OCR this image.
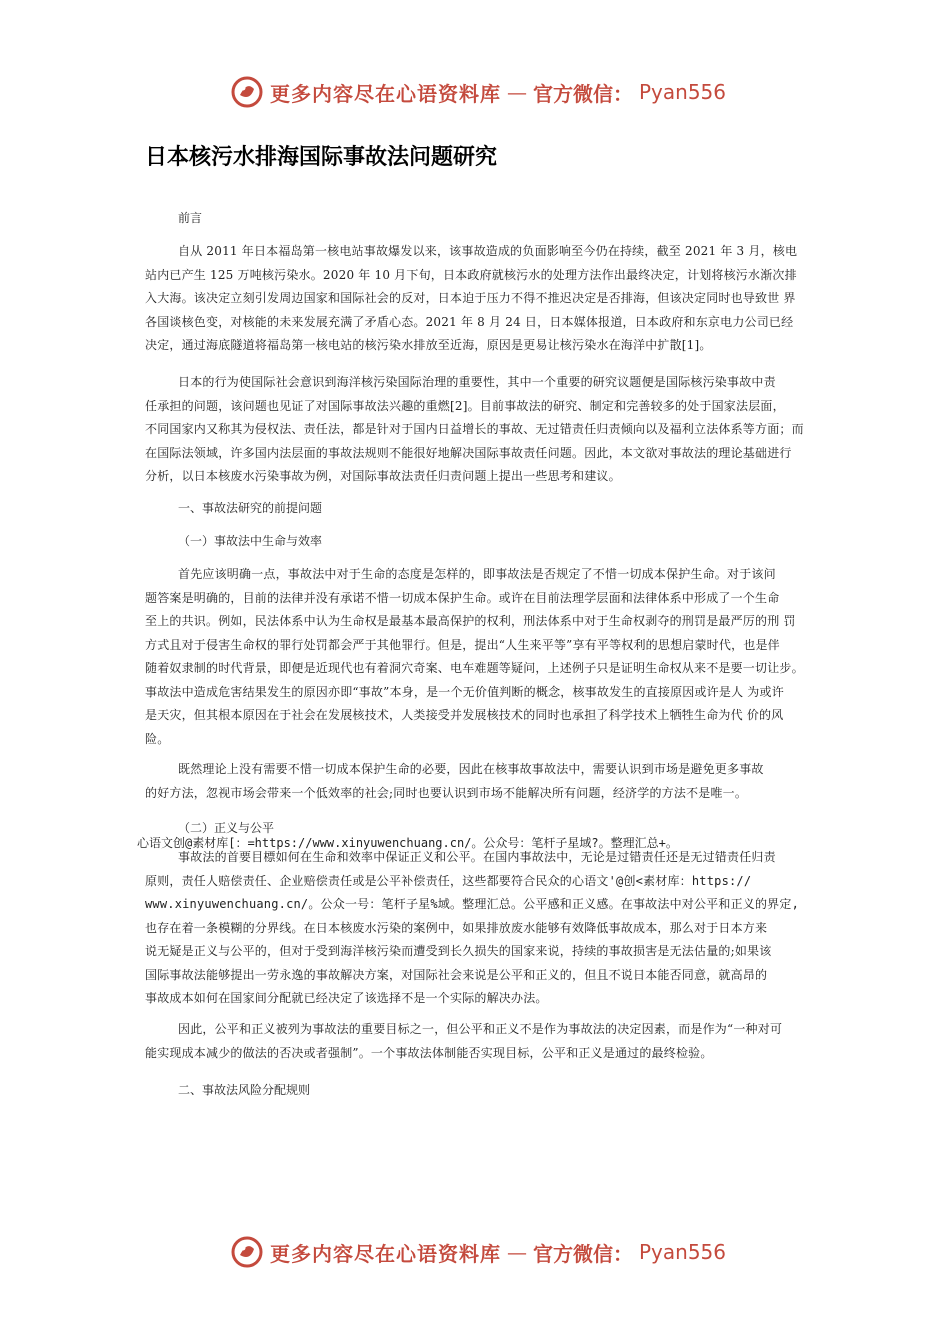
更多内容尽在心语资料库 — 官方微信： Pyan556
日本核污水排海国际事故法问题研究
前言
自从 2011 年日本福岛第一核电站事故爆发以来，该事故造成的负面影响至今仍在持续，截至 2021 年 3 月，核电
站内已产生 125 万吨核污染水。2020 年 10 月下旬，日本政府就核污水的处理方法作出最终决定，计划将核污水渐次排
入大海。该决定立刻引发周边国家和国际社会的反对，日本迫于压力不得不推迟决定是否排海，但该决定同时也导致世 界
各国谈核色变，对核能的未来发展充满了矛盾心态。2021 年 8 月 24 日，日本媒体报道，日本政府和东京电力公司已经
决定，通过海底隧道将福岛第一核电站的核污染水排放至近海，原因是更易让核污染水在海洋中扩散[1]。
日本的行为使国际社会意识到海洋核污染国际治理的重要性，其中一个重要的研究议题便是国际核污染事故中责
任承担的问题，该问题也见证了对国际事故法兴趣的重燃[2]。目前事故法的研究、制定和完善较多的处于国家法层面，
不同国家内又称其为侵权法、责任法，都是针对于国内日益增长的事故、无过错责任归责倾向以及福利立法体系等方面；而
在国际法领域，许多国内法层面的事故法规则不能很好地解决国际事故责任问题。因此，本文欲对事故法的理论基础进行
分析，以日本核废水污染事故为例，对国际事故法责任归责问题上提出一些思考和建议。
一、事故法研究的前提问题
（一）事故法中生命与效率
首先应该明确一点，事故法中对于生命的态度是怎样的，即事故法是否规定了不惜一切成本保护生命。对于该问
题答案是明确的，目前的法律并没有承诺不惜一切成本保护生命。或许在目前法理学层面和法律体系中形成了一个生命
至上的共识。例如，民法体系中认为生命权是最基本最高保护的权利，刑法体系中对于生命权剥夺的刑罚是最严厉的刑 罚
方式且对于侵害生命权的罪行处罚都会严于其他罪行。但是，提出“人生来平等”享有平等权利的思想启蒙时代，也是伴
随着奴隶制的时代背景，即便是近现代也有着洞穴奇案、电车难题等疑问，上述例子只是证明生命权从来不是要一切让步。
事故法中造成危害结果发生的原因亦即“事故”本身，是一个无价值判断的概念，核事故发生的直接原因或许是人 为或许
是天灾，但其根本原因在于社会在发展核技术，人类接受并发展核技术的同时也承担了科学技术上牺牲生命为代 价的风
险。
既然理论上没有需要不惜一切成本保护生命的必要，因此在核事故事故法中，需要认识到市场是避免更多事故
的好方法，忽视市场会带来一个低效率的社会;同时也要认识到市场不能解决所有问题，经济学的方法不是唯一。
（二）正义与公平
心语文创@素材库[：=https://www.xinyuwenchuang.cn/。公众号：笔杆子星域?。整理汇总+。
事故法的首要目標如何在生命和效率中保证正义和公平。在国内事故法中，无论是过错责任还是无过错责任归责
原则，责任人赔偿责任、企业赔偿责任或是公平补偿责任，这些都要符合民众的心语文'@创<素材库：https://
www.xinyuwenchuang.cn/。公众一号：笔杆子星%域。整理汇总。公平感和正义感。在事故法中对公平和正义的界定,
也存在着一条模糊的分界线。在日本核废水污染的案例中，如果排放废水能够有效降低事故成本，那么对于日本方来
说无疑是正义与公平的，但对于受到海洋核污染而遭受到长久损失的国家来说，持续的事故损害是无法估量的;如果该
国际事故法能够提出一劳永逸的事故解决方案，对国际社会来说是公平和正义的，但且不说日本能否同意，就高昂的
事故成本如何在国家间分配就已经决定了该选择不是一个实际的解决办法。
因此，公平和正义被列为事故法的重要目标之一，但公平和正义不是作为事故法的决定因素，而是作为“一种对可
能实现成本减少的做法的否决或者强制”。一个事故法体制能否实现目标，公平和正义是通过的最终检验。
二、事故法风险分配规则
更多内容尽在心语资料库 — 官方微信： Pyan556
